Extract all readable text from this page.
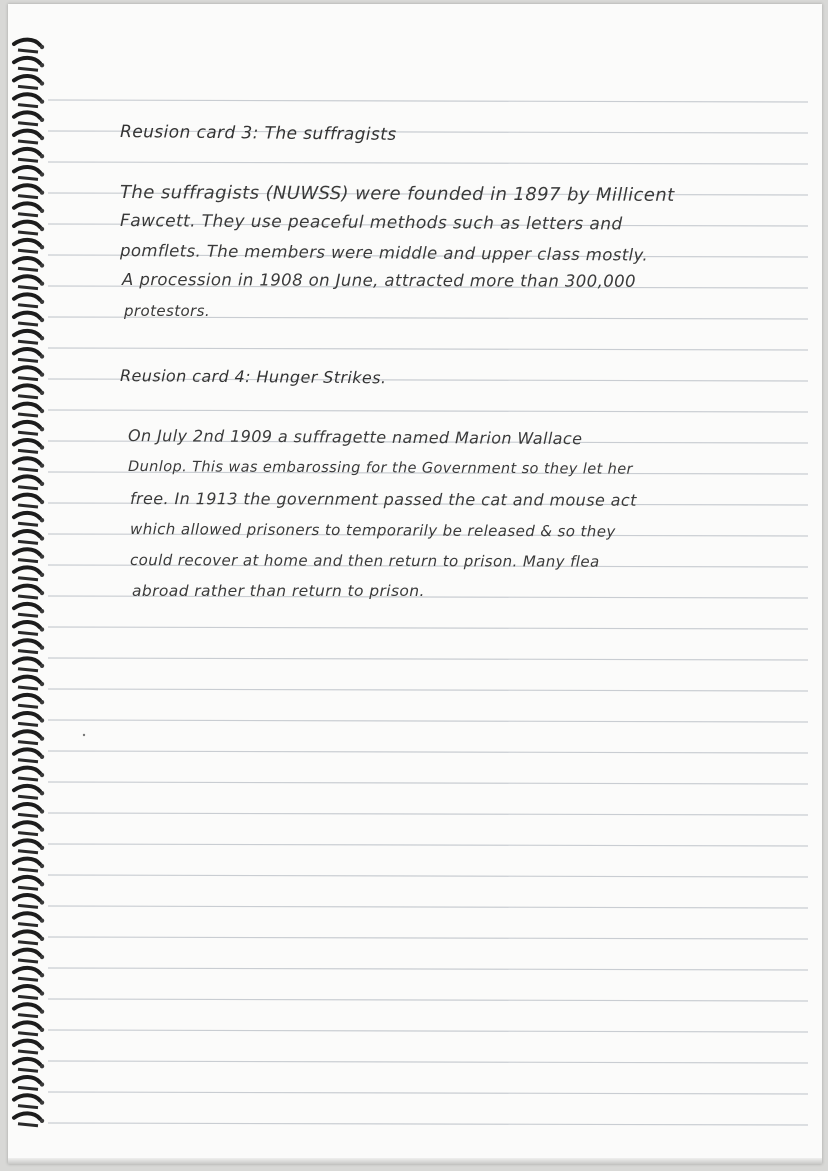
Reusion card 3: The suffragists
The suffragists (NUWSS) were founded in 1897 by Millicent
Fawcett. They use peaceful methods such as letters and
pomflets. The members were middle and upper class mostly.
A procession in 1908 on June, attracted more than 300,000
protestors.
Reusion card 4: Hunger Strikes.
On July 2nd 1909 a suffragette named Marion Wallace
Dunlop. This was embarossing for the Government so they let her
free. In 1913 the government passed the cat and mouse act
which allowed prisoners to temporarily be released & so they
could recover at home and then return to prison. Many flea
abroad rather than return to prison.
